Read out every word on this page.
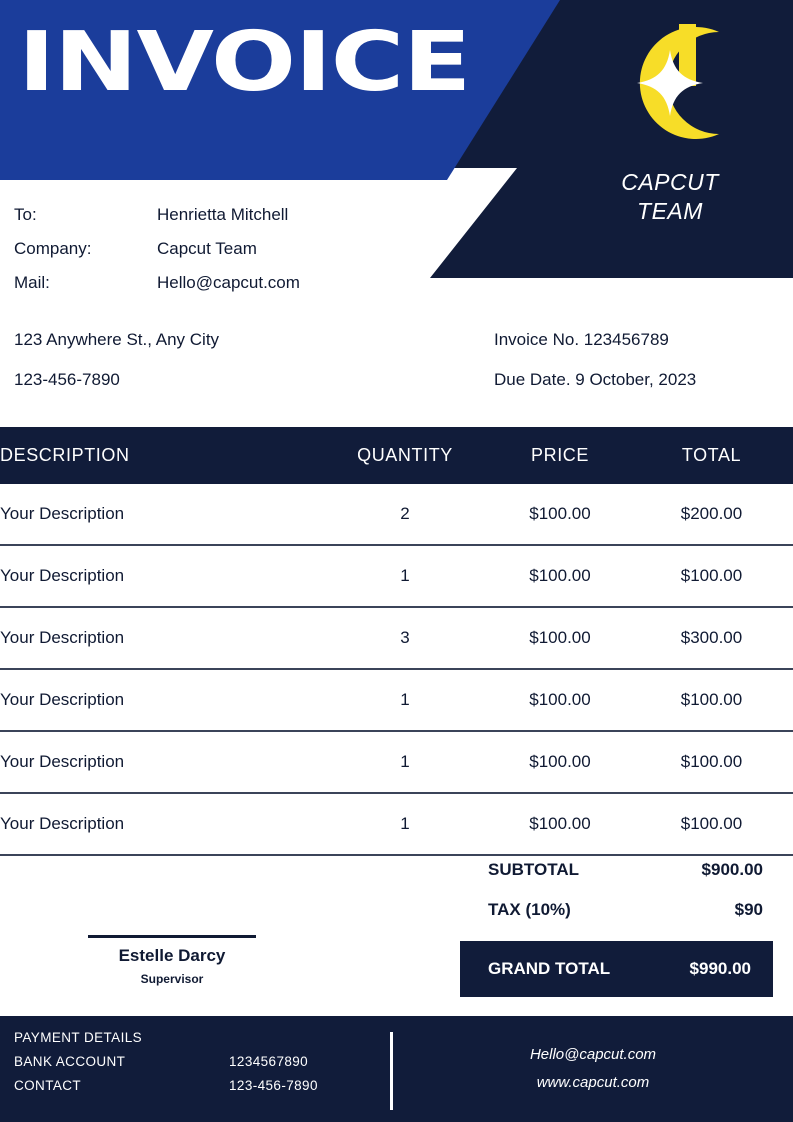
INVOICE
CAPCUT
TEAM
To:	Henrietta Mitchell
Company:	Capcut Team
Mail:	Hello@capcut.com
123 Anywhere St., Any City
123-456-7890
Invoice No. 123456789
Due Date. 9 October, 2023
DESCRIPTION	QUANTITY	PRICE	TOTAL
Your Description	2	$100.00	$200.00
Your Description	1	$100.00	$100.00
Your Description	3	$100.00	$300.00
Your Description	1	$100.00	$100.00
Your Description	1	$100.00	$100.00
Your Description	1	$100.00	$100.00
SUBTOTAL	$900.00
TAX (10%)	$90
GRAND TOTAL	$990.00
Estelle Darcy
Supervisor
PAYMENT DETAILS
BANK ACCOUNT	1234567890
CONTACT	123-456-7890
Hello@capcut.com
www.capcut.com
